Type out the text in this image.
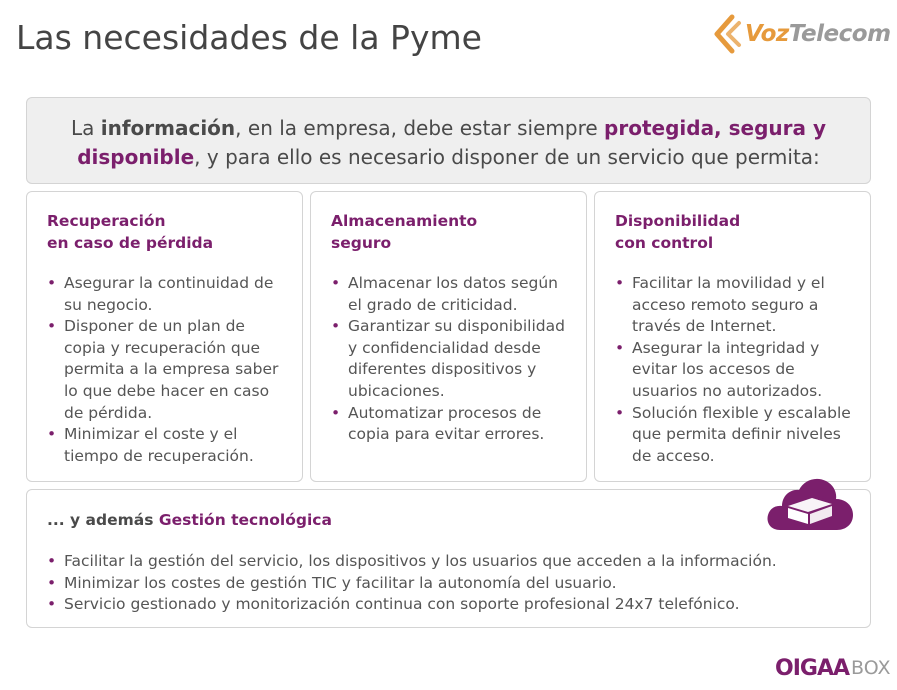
Las necesidades de la Pyme	VozTelecom
La información, en la empresa, debe estar siempre protegida, segura y disponible, y para ello es necesario disponer de un servicio que permita:
Recuperación
en caso de pérdida
• Asegurar la continuidad de su negocio.
• Disponer de un plan de copia y recuperación que permita a la empresa saber lo que debe hacer en caso de pérdida.
• Minimizar el coste y el tiempo de recuperación.
Almacenamiento
seguro
• Almacenar los datos según el grado de criticidad.
• Garantizar su disponibilidad y confidencialidad desde diferentes dispositivos y ubicaciones.
• Automatizar procesos de copia para evitar errores.
Disponibilidad
con control
• Facilitar la movilidad y el acceso remoto seguro a través de Internet.
• Asegurar la integridad y evitar los accesos de usuarios no autorizados.
• Solución flexible y escalable que permita definir niveles de acceso.
... y además Gestión tecnológica
• Facilitar la gestión del servicio, los dispositivos y los usuarios que acceden a la información.
• Minimizar los costes de gestión TIC y facilitar la autonomía del usuario.
• Servicio gestionado y monitorización continua con soporte profesional 24x7 telefónico.
OIGAA BOX
